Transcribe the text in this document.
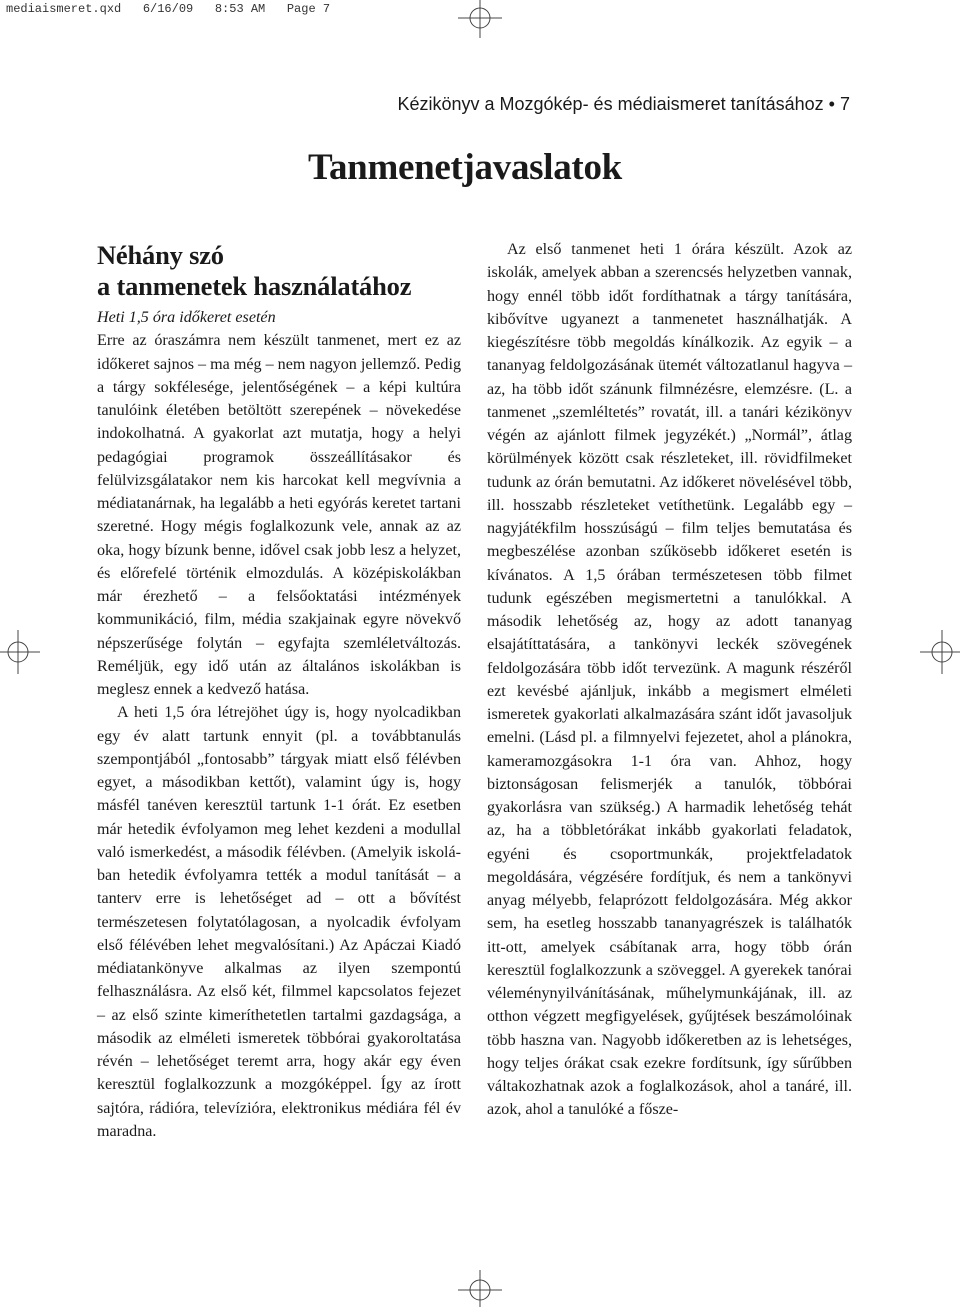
mediaismeret.qxd   6/16/09   8:53 AM   Page 7
Kézikönyv a Mozgókép- és médiaismeret tanításához • 7
Tanmenetjavaslatok
Néhány szó
a tanmenetek használatához
Heti 1,5 óra időkeret esetén

Erre az óraszámra nem készült tanmenet, mert ez az időkeret sajnos – ma még – nem nagyon jellemző. Pedig a tárgy sokfélesége, jelentőségének – a képi kultúra tanulóink életében betöltött szerepének – növekedése indokolhatná. A gyakorlat azt mutatja, hogy a helyi pedagógiai programok összeállításakor és felülvizsgálatakor nem kis harcokat kell megvívnia a médiatanárnak, ha legalább a heti egyórás keretet tartani szeretné. Hogy mégis foglalkozunk vele, annak az az oka, hogy bízunk benne, idővel csak jobb lesz a helyzet, és előrefelé történik elmozdulás. A középiskolákban már érezhető – a felsőoktatási intézmények kommunikáció, film, média szakjainak egyre növekvő népszerűsége folytán – egyfajta szemléletváltozás. Reméljük, egy idő után az általános iskolákban is meglesz ennek a kedvező hatása.

A heti 1,5 óra létrejöhet úgy is, hogy nyolcadikban egy év alatt tartunk ennyit (pl. a továbbtanulás szempontjából „fontosabb” tárgyak miatt első félévben egyet, a másodikban kettőt), valamint úgy is, hogy másfél tanéven keresztül tartunk 1-1 órát. Ez esetben már hetedik évfolyamon meg lehet kezdeni a modullal való ismerkedést, a második félévben. (Amelyik iskolában hetedik évfolyamra tették a modul tanítását – a tanterv erre is lehetőséget ad – ott a bővítést természetesen folytatólagosan, a nyolcadik évfolyam első félévében lehet megvalósítani.) Az Apáczai Kiadó médiatankönyve alkalmas az ilyen szempontú felhasználásra. Az első két, filmmel kapcsolatos fejezet – az első szinte kimeríthetetlen tartalmi gazdagsága, a második az elméleti ismeretek többórai gyakoroltatása révén – lehetőséget teremt arra, hogy akár egy éven keresztül foglalkozzunk a mozgóképpel. Így az írott sajtóra, rádióra, televízióra, elektronikus médiára fél év maradna.

Az első tanmenet heti 1 órára készült. Azok az iskolák, amelyek abban a szerencsés helyzetben vannak, hogy ennél több időt fordíthatnak a tárgy tanítására, kibővítve ugyanezt a tanmenetet használhatják. A kiegészítésre több megoldás kínálkozik. Az egyik – a tananyag feldolgozásának ütemét változatlanul hagyva – az, ha több időt szánunk filmnézésre, elemzésre. (L. a tanmenet „szemléltetés” rovatát, ill. a tanári kézikönyv végén az ajánlott filmek jegyzékét.) „Normál”, átlag körülmények között csak részleteket, ill. rövidfilmeket tudunk az órán bemutatni. Az időkeret növelésével több, ill. hosszabb részleteket vetíthetünk. Legalább egy – nagyjátékfilm hosszúságú – film teljes bemutatása és megbeszélése azonban szűkösebb időkeret esetén is kívánatos. A 1,5 órában természetesen több filmet tudunk egészében megismertetni a tanulókkal. A második lehetőség az, hogy az adott tananyag elsajátíttatására, a tankönyvi leckék szövegének feldolgozására több időt tervezünk. A magunk részéről ezt kevésbé ajánljuk, inkább a megismert elméleti ismeretek gyakorlati alkalmazására szánt időt javasoljuk emelni. (Lásd pl. a filmnyelvi fejezetet, ahol a plánokra, kameramozgásokra 1-1 óra van. Ahhoz, hogy biztonságosan felismerjék a tanulók, többórai gyakorlásra van szükség.) A harmadik lehetőség tehát az, ha a többletórákat inkább gyakorlati feladatok, egyéni és csoportmunkák, projektfeladatok megoldására, végzésére fordítjuk, és nem a tankönyvi anyag mélyebb, felaprózott feldolgozására. Még akkor sem, ha esetleg hosszabb tananyagrészek is találhatók itt-ott, amelyek csábítanak arra, hogy több órán keresztül foglalkozzunk a szöveggel. A gyerekek tanórai véleménynyilvánításának, műhelymunkájának, ill. az otthon végzett megfigyelések, gyűjtések beszámolóinak több haszna van. Nagyobb időkeretben az is lehetséges, hogy teljes órákat csak ezekre fordítsunk, így sűrűbben váltakozhatnak azok a foglalkozások, ahol a tanáré, ill. azok, ahol a tanulóké a fősze-
